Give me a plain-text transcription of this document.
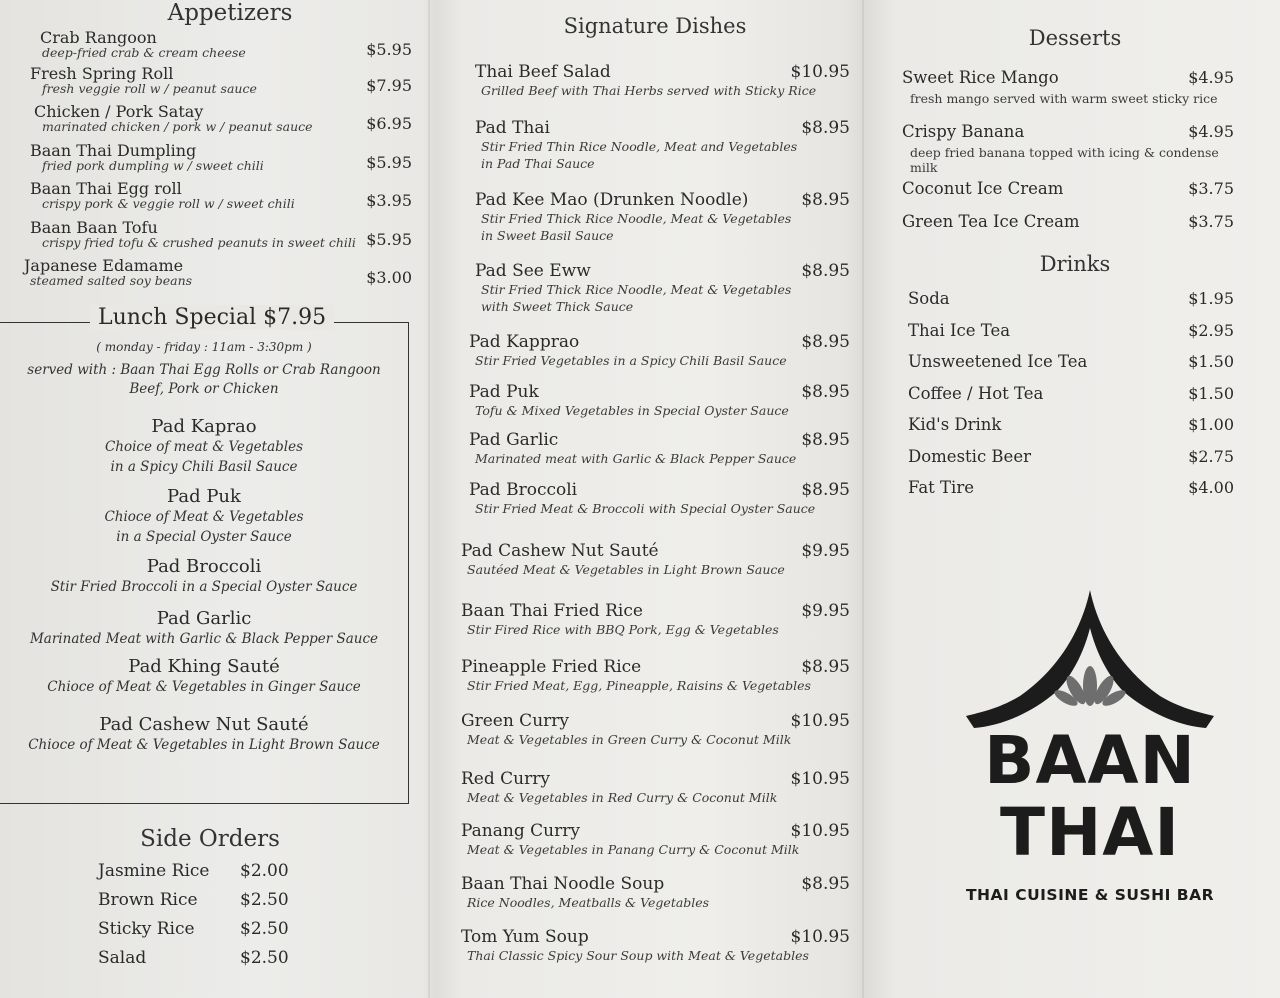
Appetizers
Crab Rangoon
deep-fried crab & cream cheese	$5.95
Fresh Spring Roll
fresh veggie roll w / peanut sauce	$7.95
Chicken / Pork Satay
marinated chicken / pork w / peanut sauce	$6.95
Baan Thai Dumpling
fried pork dumpling w / sweet chili	$5.95
Baan Thai Egg roll
crispy pork & veggie roll w / sweet chili	$3.95
Baan Baan Tofu
crispy fried tofu & crushed peanuts in sweet chili $5.95
Japanese Edamame
steamed salted soy beans	$3.00
Lunch Special $7.95
( monday - friday : 11am - 3:30pm )
served with : Baan Thai Egg Rolls or Crab Rangoon
Beef, Pork or Chicken
Pad Kaprao
Choice of meat & Vegetables
in a Spicy Chili Basil Sauce
Pad Puk
Chioce of Meat & Vegetables
in a Special Oyster Sauce
Pad Broccoli
Stir Fried Broccoli in a Special Oyster Sauce
Pad Garlic
Marinated Meat with Garlic & Black Pepper Sauce
Pad Khing Sauté
Chioce of Meat & Vegetables in Ginger Sauce
Pad Cashew Nut Sauté
Chioce of Meat & Vegetables in Light Brown Sauce
Side Orders
Jasmine Rice $2.00
Brown Rice $2.50
Sticky Rice	$2.50
Salad	$2.50
Signature Dishes
Thai Beef Salad
Grilled Beef with Thai Herbs served with Sticky Rice
$10.95
Pad Thai
Stir Fried Thin Rice Noodle, Meat and Vegetables
in Pad Thai Sauce
$8.95
Pad Kee Mao (Drunken Noodle)
Stir Fried Thick Rice Noodle, Meat & Vegetables
in Sweet Basil Sauce
$8.95
Pad See Eww
Stir Fried Thick Rice Noodle, Meat & Vegetables
with Sweet Thick Sauce
$8.95
Pad Kapprao
Stir Fried Vegetables in a Spicy Chili Basil Sauce
$8.95
Pad Puk
Tofu & Mixed Vegetables in Special Oyster Sauce
$8.95
Pad Garlic
Marinated meat with Garlic & Black Pepper Sauce
$8.95
Pad Broccoli
Stir Fried Meat & Broccoli with Special Oyster Sauce
$8.95
Pad Cashew Nut Sauté
Sautéed Meat & Vegetables in Light Brown Sauce
$9.95
Baan Thai Fried Rice
Stir Fired Rice with BBQ Pork, Egg & Vegetables
$9.95
Pineapple Fried Rice
Stir Fried Meat, Egg, Pineapple, Raisins & Vegetables
$8.95
Green Curry
Meat & Vegetables in Green Curry & Coconut Milk
$10.95
Red Curry
Meat & Vegetables in Red Curry & Coconut Milk
$10.95
Panang Curry
Meat & Vegetables in Panang Curry & Coconut Milk
$10.95
Baan Thai Noodle Soup
Rice Noodles, Meatballs & Vegetables
$8.95
Tom Yum Soup
Thai Classic Spicy Sour Soup with Meat & Vegetables
$10.95
Desserts
Sweet Rice Mango
fresh mango served with warm sweet sticky rice
$4.95
Crispy Banana
deep fried banana topped with icing & condense milk
$4.95
Coconut Ice Cream	$3.75
Green Tea Ice Cream	$3.75
Drinks
Soda	$1.95
Thai Ice Tea	$2.95
Unsweetened Ice Tea	$1.50
Coffee / Hot Tea	$1.50
Kid's Drink	$1.00
Domestic Beer	$2.75
Fat Tire	$4.00
BAAN
THAI
THAI CUISINE & SUSHI BAR
